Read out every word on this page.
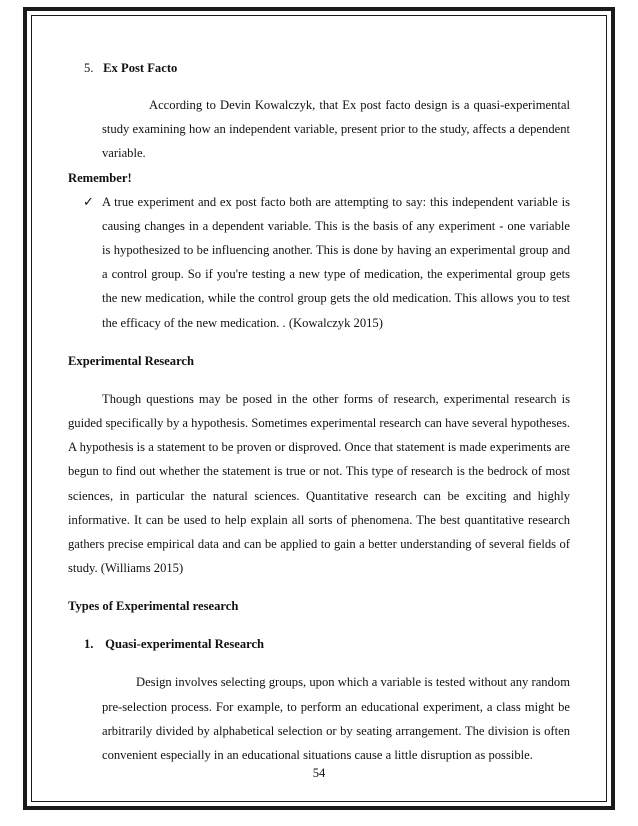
5. Ex Post Facto

According to Devin Kowalczyk, that Ex post facto design is a quasi-experimental study examining how an independent variable, present prior to the study, affects a dependent variable.

Remember!

✓ A true experiment and ex post facto both are attempting to say: this independent variable is causing changes in a dependent variable. This is the basis of any experiment - one variable is hypothesized to be influencing another. This is done by having an experimental group and a control group. So if you're testing a new type of medication, the experimental group gets the new medication, while the control group gets the old medication. This allows you to test the efficacy of the new medication. . (Kowalczyk 2015)

Experimental Research

Though questions may be posed in the other forms of research, experimental research is guided specifically by a hypothesis. Sometimes experimental research can have several hypotheses. A hypothesis is a statement to be proven or disproved. Once that statement is made experiments are begun to find out whether the statement is true or not. This type of research is the bedrock of most sciences, in particular the natural sciences. Quantitative research can be exciting and highly informative. It can be used to help explain all sorts of phenomena. The best quantitative research gathers precise empirical data and can be applied to gain a better understanding of several fields of study. (Williams 2015)

Types of Experimental research

1. Quasi-experimental Research

Design involves selecting groups, upon which a variable is tested without any random pre-selection process. For example, to perform an educational experiment, a class might be arbitrarily divided by alphabetical selection or by seating arrangement. The division is often convenient especially in an educational situations cause a little disruption as possible.

54
